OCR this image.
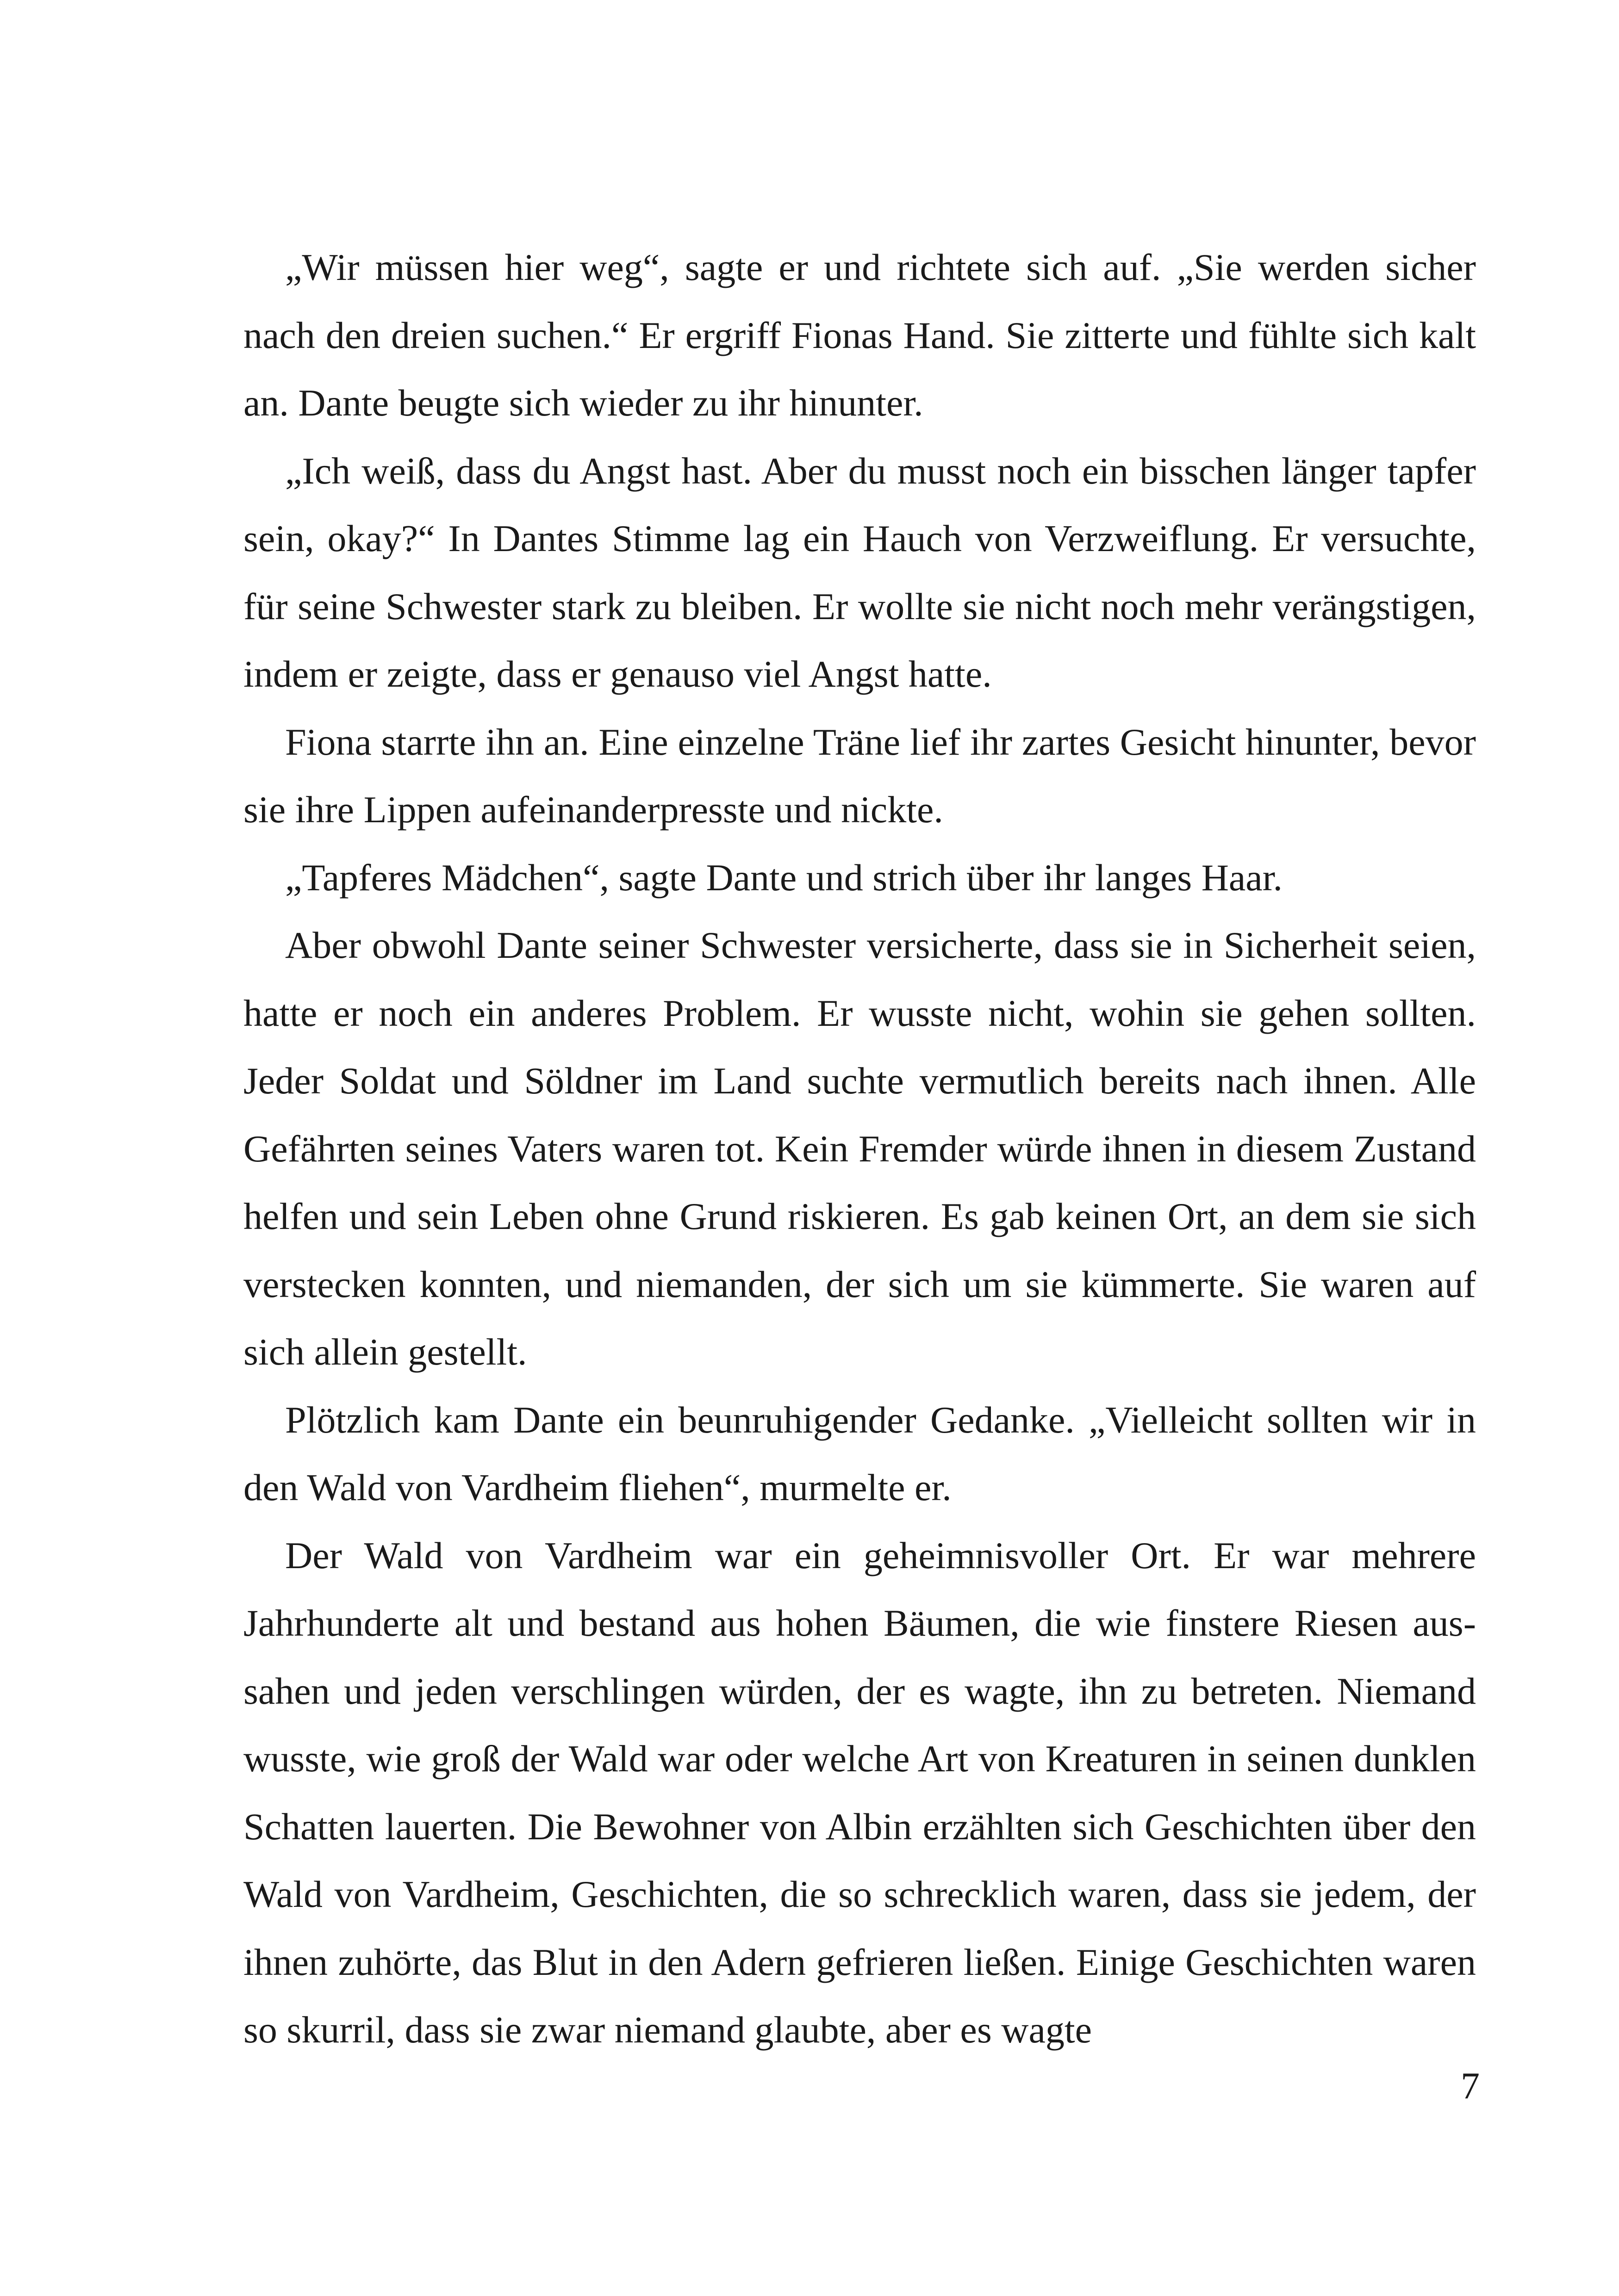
„Wir müssen hier weg“, sagte er und richtete sich auf. „Sie werden sicher nach den dreien suchen.“ Er ergriff Fionas Hand. Sie zitterte und fühlte sich kalt an. Dante beugte sich wieder zu ihr hinunter.

„Ich weiß, dass du Angst hast. Aber du musst noch ein bisschen länger tapfer sein, okay?“ In Dantes Stimme lag ein Hauch von Verzweiflung. Er versuchte, für seine Schwester stark zu bleiben. Er wollte sie nicht noch mehr verängstigen, indem er zeigte, dass er genauso viel Angst hatte.

Fiona starrte ihn an. Eine einzelne Träne lief ihr zartes Gesicht hinunter, bevor sie ihre Lippen aufeinanderpresste und nickte.

„Tapferes Mädchen“, sagte Dante und strich über ihr langes Haar.

Aber obwohl Dante seiner Schwester versicherte, dass sie in Sicherheit seien, hatte er noch ein anderes Problem. Er wusste nicht, wohin sie gehen sollten. Jeder Soldat und Söldner im Land suchte vermutlich bereits nach ihnen. Alle Gefährten seines Vaters waren tot. Kein Fremder würde ihnen in diesem Zustand helfen und sein Leben ohne Grund riskieren. Es gab keinen Ort, an dem sie sich verstecken konnten, und niemanden, der sich um sie kümmerte. Sie waren auf sich allein gestellt.

Plötzlich kam Dante ein beunruhigender Gedanke. „Vielleicht sollten wir in den Wald von Vardheim fliehen“, murmelte er.

Der Wald von Vardheim war ein geheimnisvoller Ort. Er war mehrere Jahrhunderte alt und bestand aus hohen Bäumen, die wie finstere Riesen aussahen und jeden verschlingen würden, der es wagte, ihn zu betreten. Niemand wusste, wie groß der Wald war oder welche Art von Kreaturen in seinen dunklen Schatten lauerten. Die Bewohner von Albin erzählten sich Geschichten über den Wald von Vardheim, Geschichten, die so schrecklich waren, dass sie jedem, der ihnen zuhörte, das Blut in den Adern gefrieren ließen. Einige Geschichten waren so skurril, dass sie zwar niemand glaubte, aber es wagte

7
